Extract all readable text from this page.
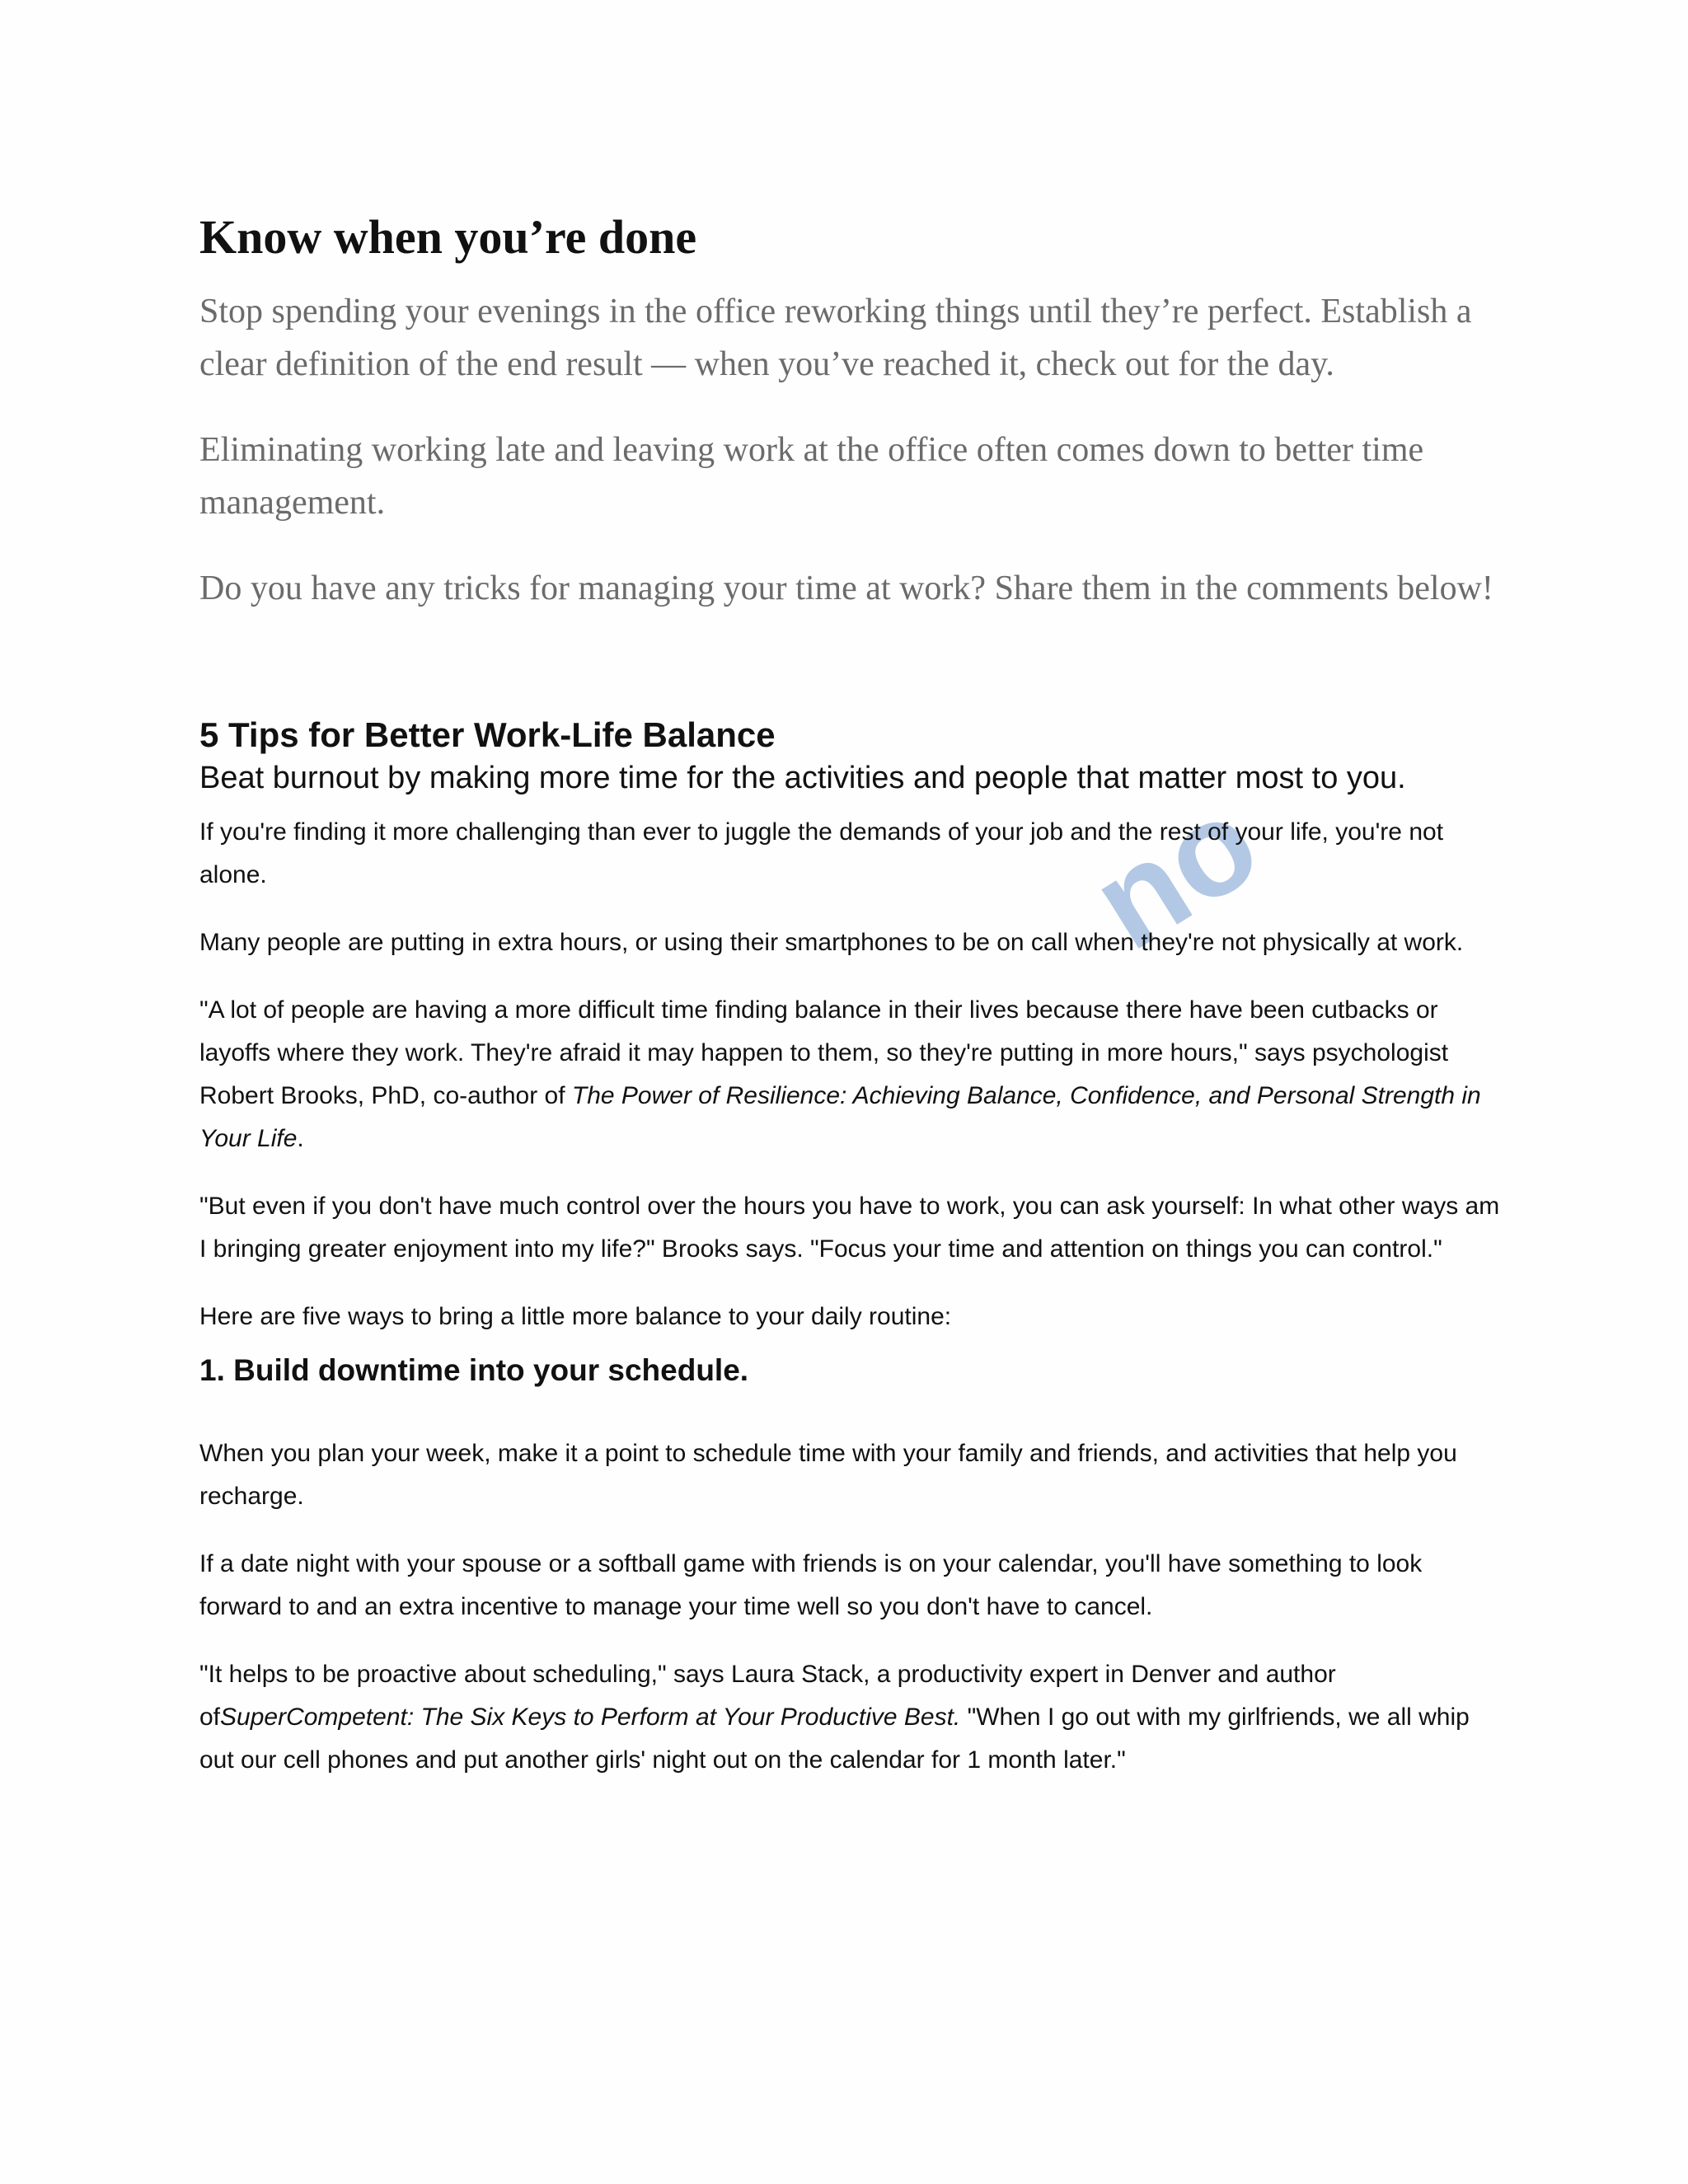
no
Know when you’re done

Stop spending your evenings in the office reworking things until they’re perfect. Establish a clear definition of the end result — when you’ve reached it, check out for the day.

Eliminating working late and leaving work at the office often comes down to better time management.

Do you have any tricks for managing your time at work? Share them in the comments below!

5 Tips for Better Work-Life Balance

Beat burnout by making more time for the activities and people that matter most to you.

If you're finding it more challenging than ever to juggle the demands of your job and the rest of your life, you're not alone.

Many people are putting in extra hours, or using their smartphones to be on call when they're not physically at work.

"A lot of people are having a more difficult time finding balance in their lives because there have been cutbacks or layoffs where they work. They're afraid it may happen to them, so they're putting in more hours," says psychologist Robert Brooks, PhD, co-author of The Power of Resilience: Achieving Balance, Confidence, and Personal Strength in Your Life.

"But even if you don't have much control over the hours you have to work, you can ask yourself: In what other ways am I bringing greater enjoyment into my life?" Brooks says. "Focus your time and attention on things you can control."

Here are five ways to bring a little more balance to your daily routine:

1. Build downtime into your schedule.

When you plan your week, make it a point to schedule time with your family and friends, and activities that help you recharge.

If a date night with your spouse or a softball game with friends is on your calendar, you'll have something to look forward to and an extra incentive to manage your time well so you don't have to cancel.

"It helps to be proactive about scheduling," says Laura Stack, a productivity expert in Denver and author ofSuperCompetent: The Six Keys to Perform at Your Productive Best. "When I go out with my girlfriends, we all whip out our cell phones and put another girls' night out on the calendar for 1 month later."
